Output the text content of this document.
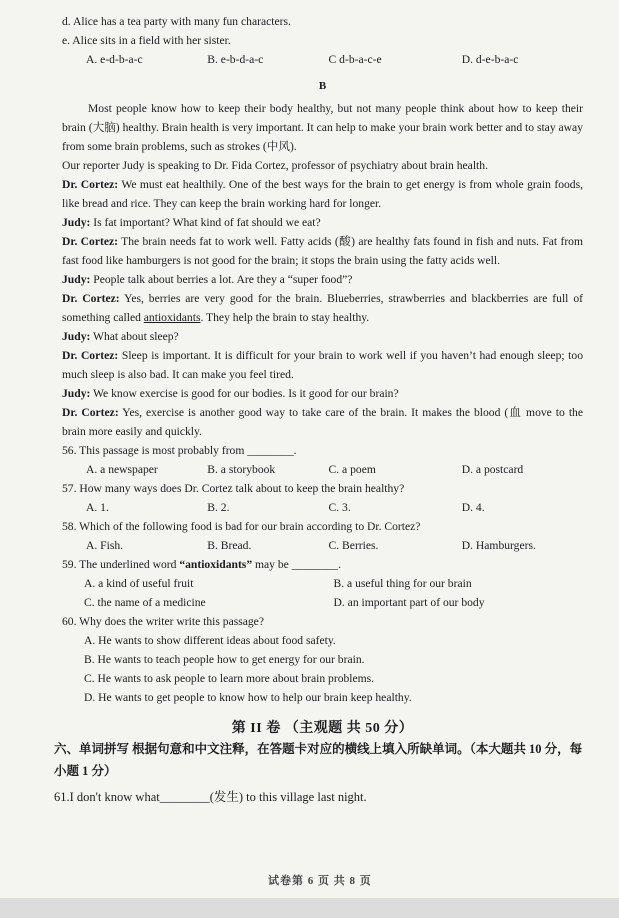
d. Alice has a tea party with many fun characters.
e. Alice sits in a field with her sister.
A. e-d-b-a-c	B. e-b-d-a-c	C d-b-a-c-e	D. d-e-b-a-c
B
Most people know how to keep their body healthy, but not many people think about how to keep their brain (大脑) healthy. Brain health is very important. It can help to make your brain work better and to stay away from some brain problems, such as strokes (中风).
Our reporter Judy is speaking to Dr. Fida Cortez, professor of psychiatry about brain health.
Dr. Cortez: We must eat healthily. One of the best ways for the brain to get energy is from whole grain foods, like bread and rice. They can keep the brain working hard for longer.
Judy: Is fat important? What kind of fat should we eat?
Dr. Cortez: The brain needs fat to work well. Fatty acids (酸) are healthy fats found in fish and nuts. Fat from fast food like hamburgers is not good for the brain; it stops the brain using the fatty acids well.
Judy: People talk about berries a lot. Are they a “super food”?
Dr. Cortez: Yes, berries are very good for the brain. Blueberries, strawberries and blackberries are full of something called antioxidants. They help the brain to stay healthy.
Judy: What about sleep?
Dr. Cortez: Sleep is important. It is difficult for your brain to work well if you haven’t had enough sleep; too much sleep is also bad. It can make you feel tired.
Judy: We know exercise is good for our bodies. Is it good for our brain?
Dr. Cortez: Yes, exercise is another good way to take care of the brain. It makes the blood (血 move to the brain more easily and quickly.
56. This passage is most probably from ________.
A. a newspaper	B. a storybook	C. a poem	D. a postcard
57. How many ways does Dr. Cortez talk about to keep the brain healthy?
A. 1.	B. 2.	C. 3.	D. 4.
58. Which of the following food is bad for our brain according to Dr. Cortez?
A. Fish.	B. Bread.	C. Berries.	D. Hamburgers.
59. The underlined word “antioxidants” may be ________.
A. a kind of useful fruit	B. a useful thing for our brain
C. the name of a medicine	D. an important part of our body
60. Why does the writer write this passage?
A. He wants to show different ideas about food safety.
B. He wants to teach people how to get energy for our brain.
C. He wants to ask people to learn more about brain problems.
D. He wants to get people to know how to help our brain keep healthy.
第 II 卷 （主观题 共 50 分）
六、单词拼写 根据句意和中文注释，在答题卡对应的横线上填入所缺单词。（本大题共 10 分，每小题 1 分）
61.I don't know what________(发生) to this village last night.
试卷第 6 页 共 8 页
